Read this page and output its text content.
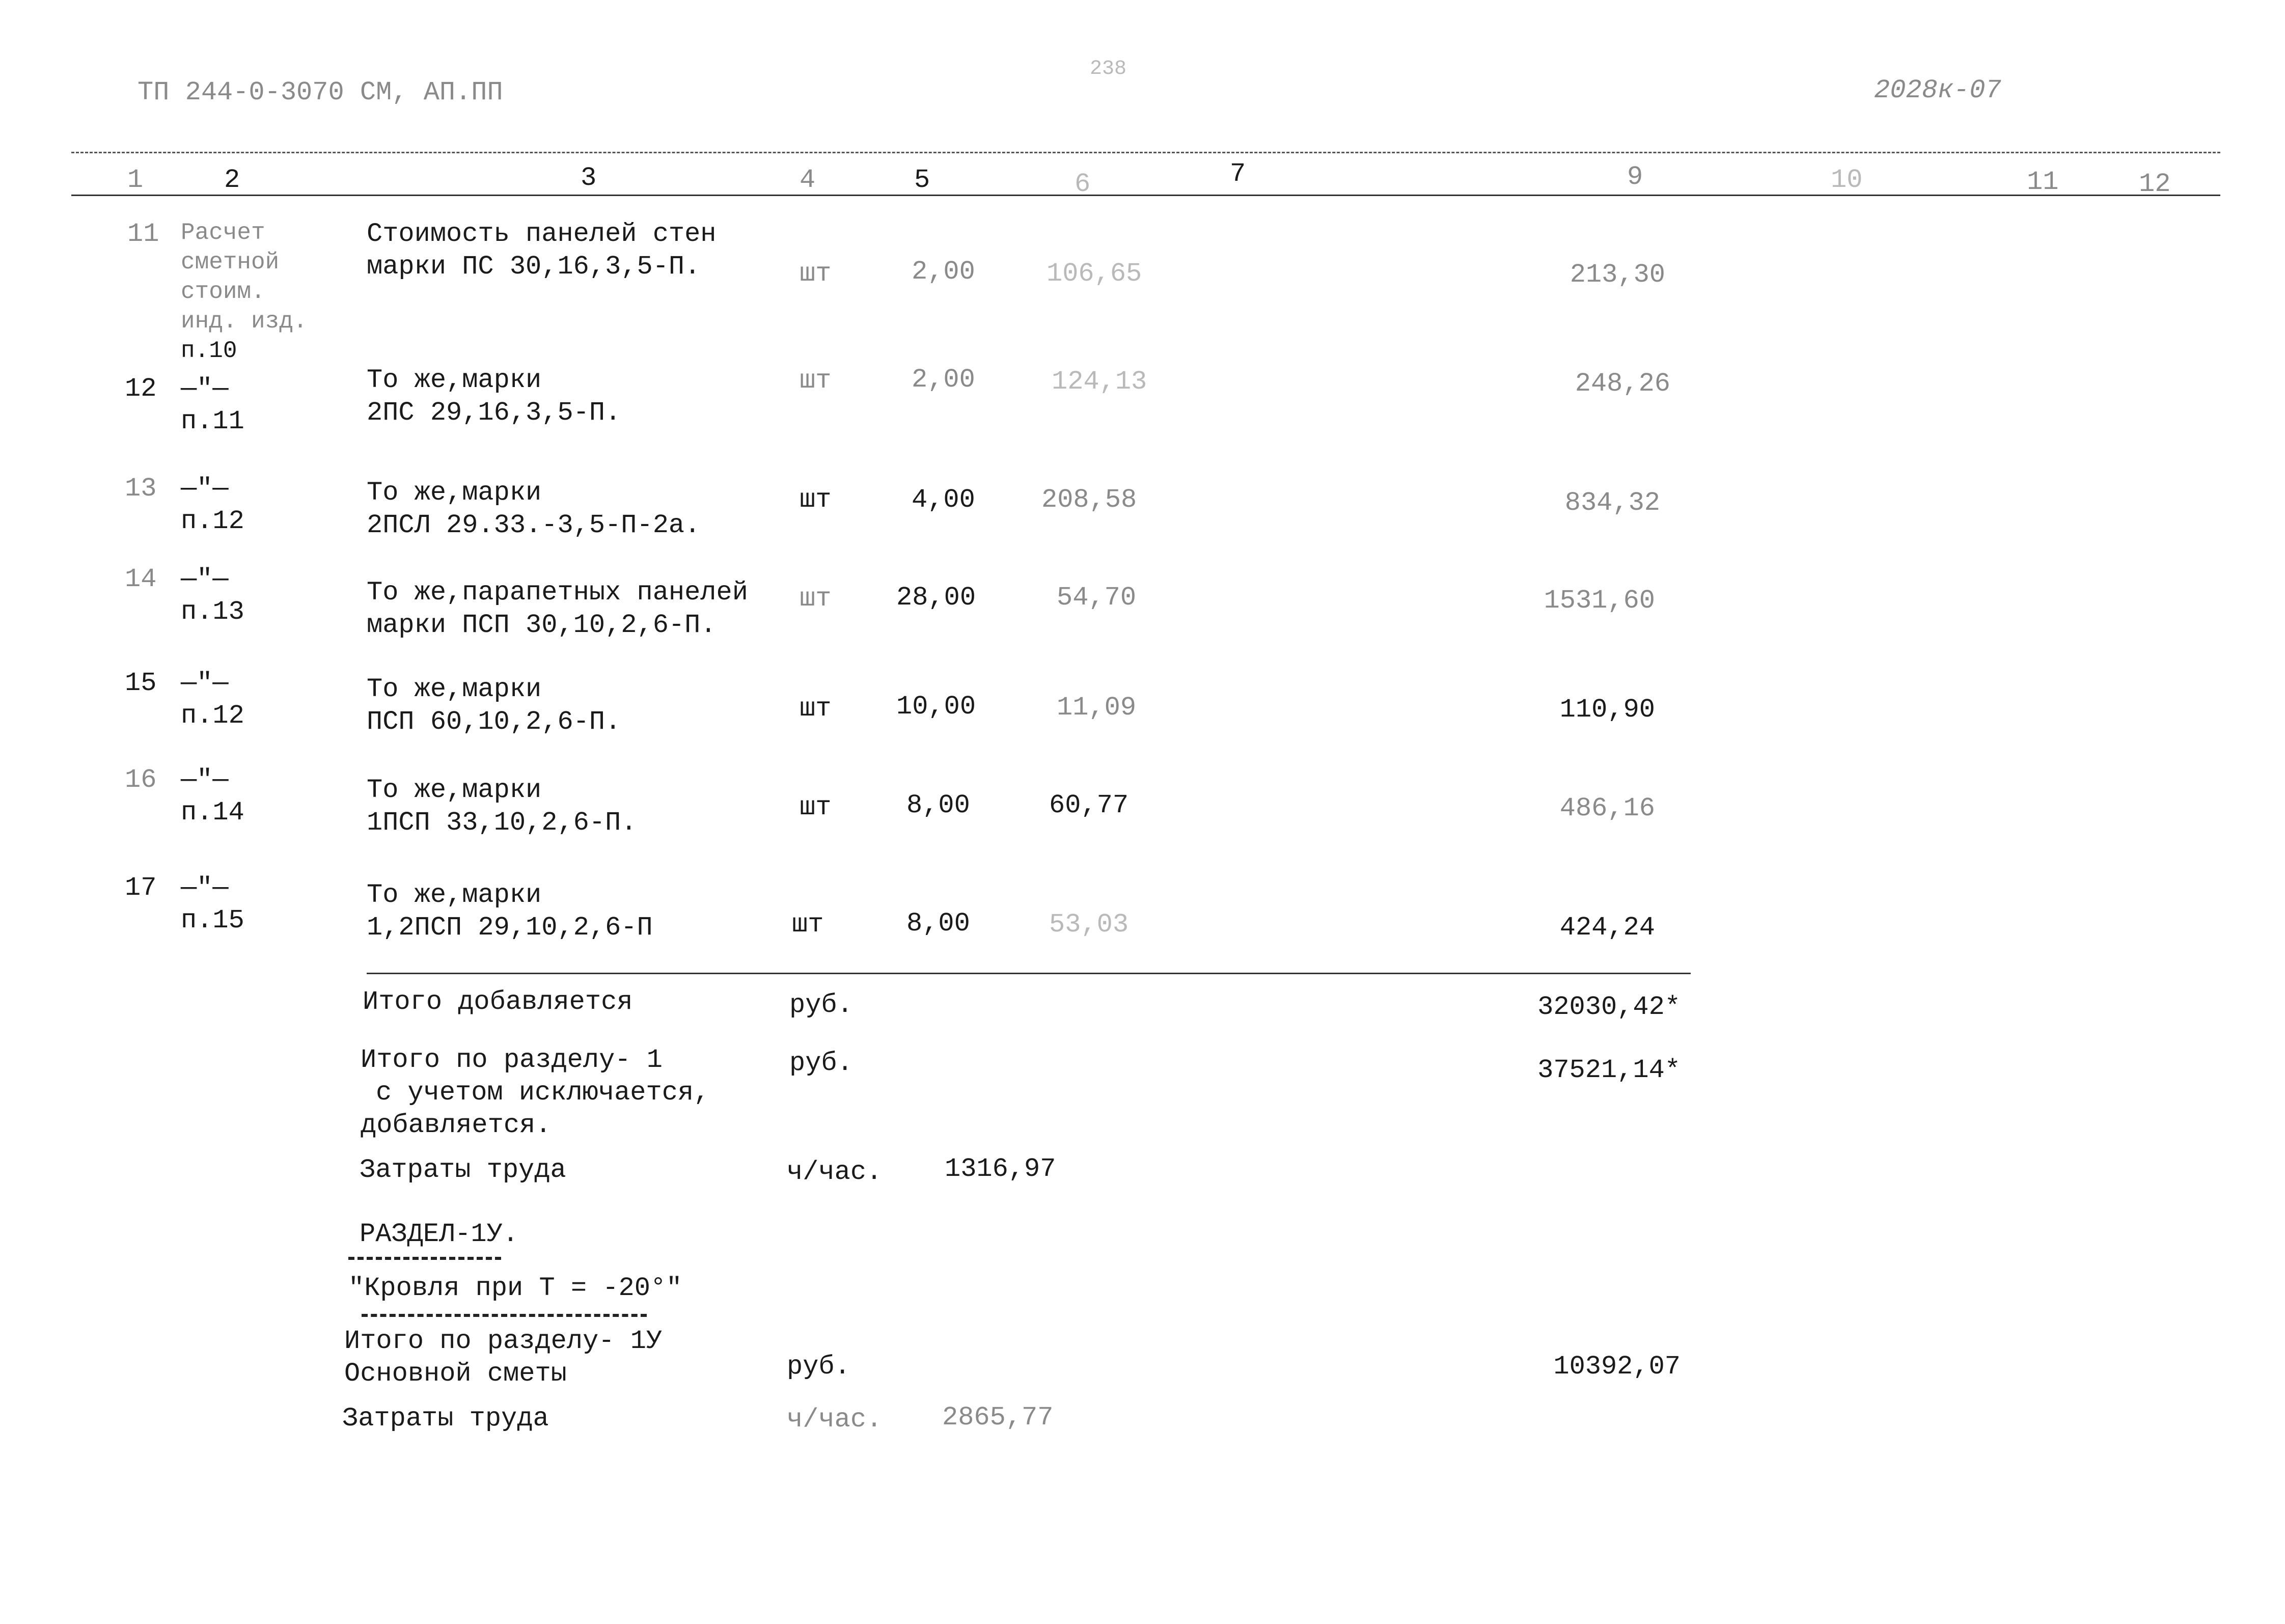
ТП 244-0-3070 СМ, АП.ПП
238
2028к-07
1	2	3	4	5	6	7	9	10	11	12
11 Расчет
сметной
стоим.
инд. изд.
п.10
Стоимость панелей стен
марки ПС 30,16,3,5-П.	шт	2,00	106,65	213,30
12 —"—
п.11
То же,марки
2ПС 29,16,3,5-П.
шт	2,00	124,13	248,26
13 —"—
п.12
То же,марки
2ПСЛ 29.33.-3,5-П-2а.
шт	4,00	208,58	834,32
14 —"—
п.13
То же,парапетных панелей
марки ПСП 30,10,2,6-П.
шт 28,00	54,70	1531,60
15 —"—
п.12
То же,марки
ПСП 60,10,2,6-П.	шт 10,00	11,09	110,90
16 —"—
п.14
То же,марки
1ПСП 33,10,2,6-П.
шт	8,00	60,77	486,16
17 —"—
п.15
То же,марки
1,2ПСП 29,10,2,6-П	шт	8,00	53,03	424,24
Итого добавляется	руб.	32030,42*
Итого по разделу- 1
с учетом исключается,
добавляется.
руб.	37521,14*
Затраты труда	ч/час. 1316,97
РАЗДЕЛ-1У.
"Кровля при Т = -20°"
Итого по разделу- 1У
Основной сметы	руб.	10392,07
Затраты труда	ч/час. 2865,77
